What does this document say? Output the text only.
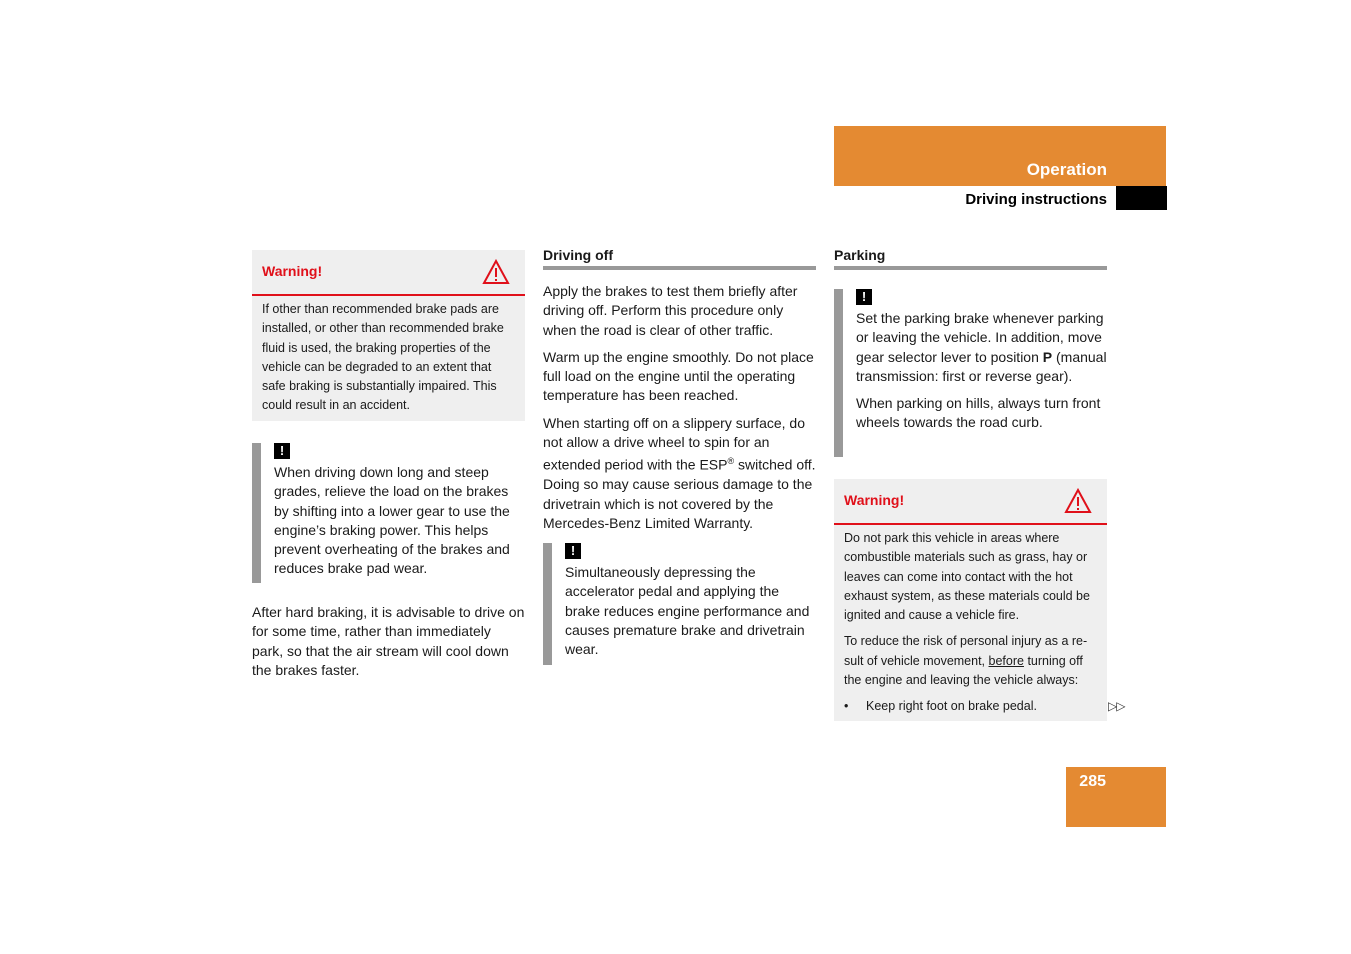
Operation
Driving instructions
Warning!

If other than recommended brake pads are installed, or other than recommended brake fluid is used, the braking properties of the vehicle can be degraded to an extent that safe braking is substantially impaired. This could result in an accident.

!

When driving down long and steep grades, relieve the load on the brakes by shifting into a lower gear to use the engine’s braking power. This helps prevent overheating of the brakes and reduces brake pad wear.

After hard braking, it is advisable to drive on for some time, rather than immediately park, so that the air stream will cool down the brakes faster.

Driving off

Apply the brakes to test them briefly after driving off. Perform this procedure only when the road is clear of other traffic.

Warm up the engine smoothly. Do not place full load on the engine until the operating temperature has been reached.

When starting off on a slippery surface, do not allow a drive wheel to spin for an extended period with the ESP® switched off. Doing so may cause serious damage to the drivetrain which is not covered by the Mercedes-Benz Limited Warranty.

!

Simultaneously depressing the accelerator pedal and applying the brake reduces engine performance and causes premature brake and drivetrain wear.

Parking
!

Set the parking brake whenever parking or leaving the vehicle. In addition, move gear selector lever to position P (manual transmission: first or reverse gear).

When parking on hills, always turn front wheels towards the road curb.

Warning!

Do not park this vehicle in areas where combustible materials such as grass, hay or leaves can come into contact with the hot exhaust system, as these materials could be ignited and cause a vehicle fire.

To reduce the risk of personal injury as a result of vehicle movement, before turning off the engine and leaving the vehicle always:

•	Keep right foot on brake pedal.	▷▷
285
